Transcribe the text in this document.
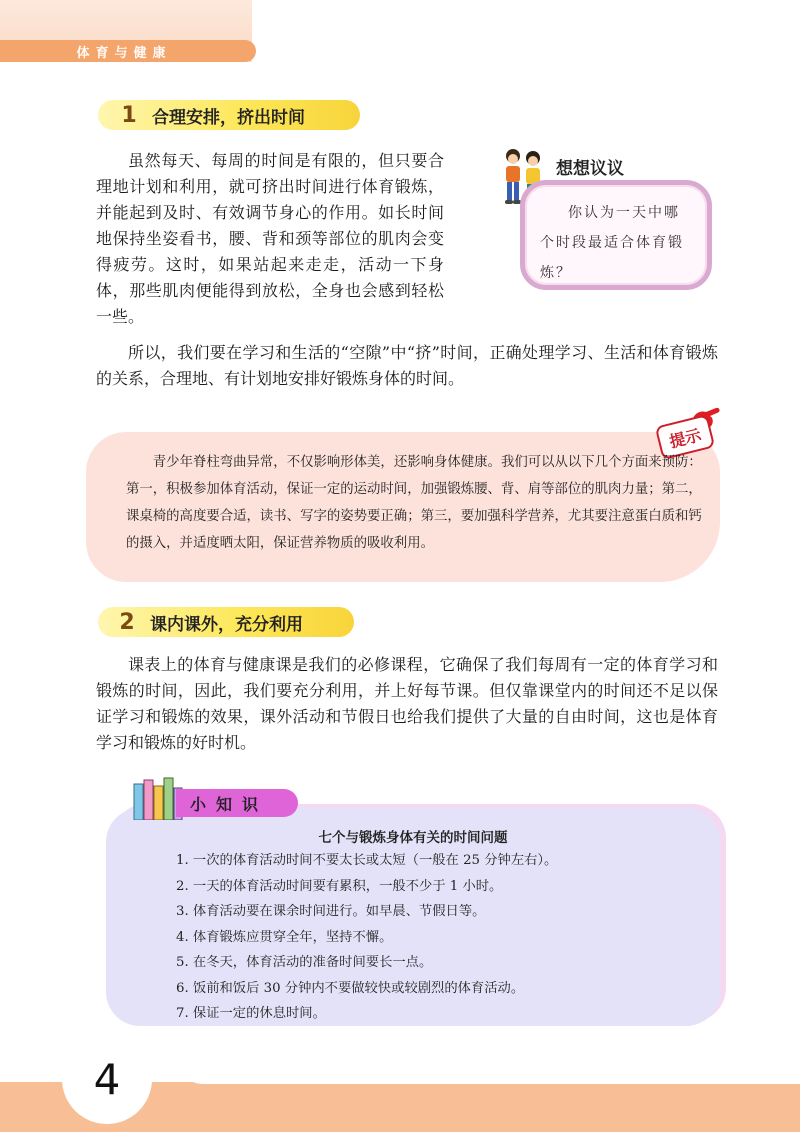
体育与健康
1 合理安排，挤出时间

虽然每天、每周的时间是有限的，但只要合理地计划和利用，就可挤出时间进行体育锻炼，并能起到及时、有效调节身心的作用。如长时间地保持坐姿看书，腰、背和颈等部位的肌肉会变得疲劳。这时，如果站起来走走，活动一下身体，那些肌肉便能得到放松，全身也会感到轻松一些。

所以，我们要在学习和生活的“空隙”中“挤”时间，正确处理学习、生活和体育锻炼的关系，合理地、有计划地安排好锻炼身体的时间。

想想议议
你认为一天中哪个时段最适合体育锻炼？
提示

青少年脊柱弯曲异常，不仅影响形体美，还影响身体健康。我们可以从以下几个方面来预防：第一，积极参加体育活动，保证一定的运动时间，加强锻炼腰、背、肩等部位的肌肉力量；第二，课桌椅的高度要合适，读书、写字的姿势要正确；第三，要加强科学营养，尤其要注意蛋白质和钙的摄入，并适度晒太阳，保证营养物质的吸收利用。

2 课内课外，充分利用

课表上的体育与健康课是我们的必修课程，它确保了我们每周有一定的体育学习和锻炼的时间，因此，我们要充分利用，并上好每节课。但仅靠课堂内的时间还不足以保证学习和锻炼的效果，课外活动和节假日也给我们提供了大量的自由时间，这也是体育学习和锻炼的好时机。

小知识
七个与锻炼身体有关的时间问题
1. 一次的体育活动时间不要太长或太短（一般在 25 分钟左右）。
2. 一天的体育活动时间要有累积，一般不少于 1 小时。
3. 体育活动要在课余时间进行。如早晨、节假日等。
4. 体育锻炼应贯穿全年，坚持不懈。
5. 在冬天，体育活动的准备时间要长一点。
6. 饭前和饭后 30 分钟内不要做较快或较剧烈的体育活动。
7. 保证一定的休息时间。
4
